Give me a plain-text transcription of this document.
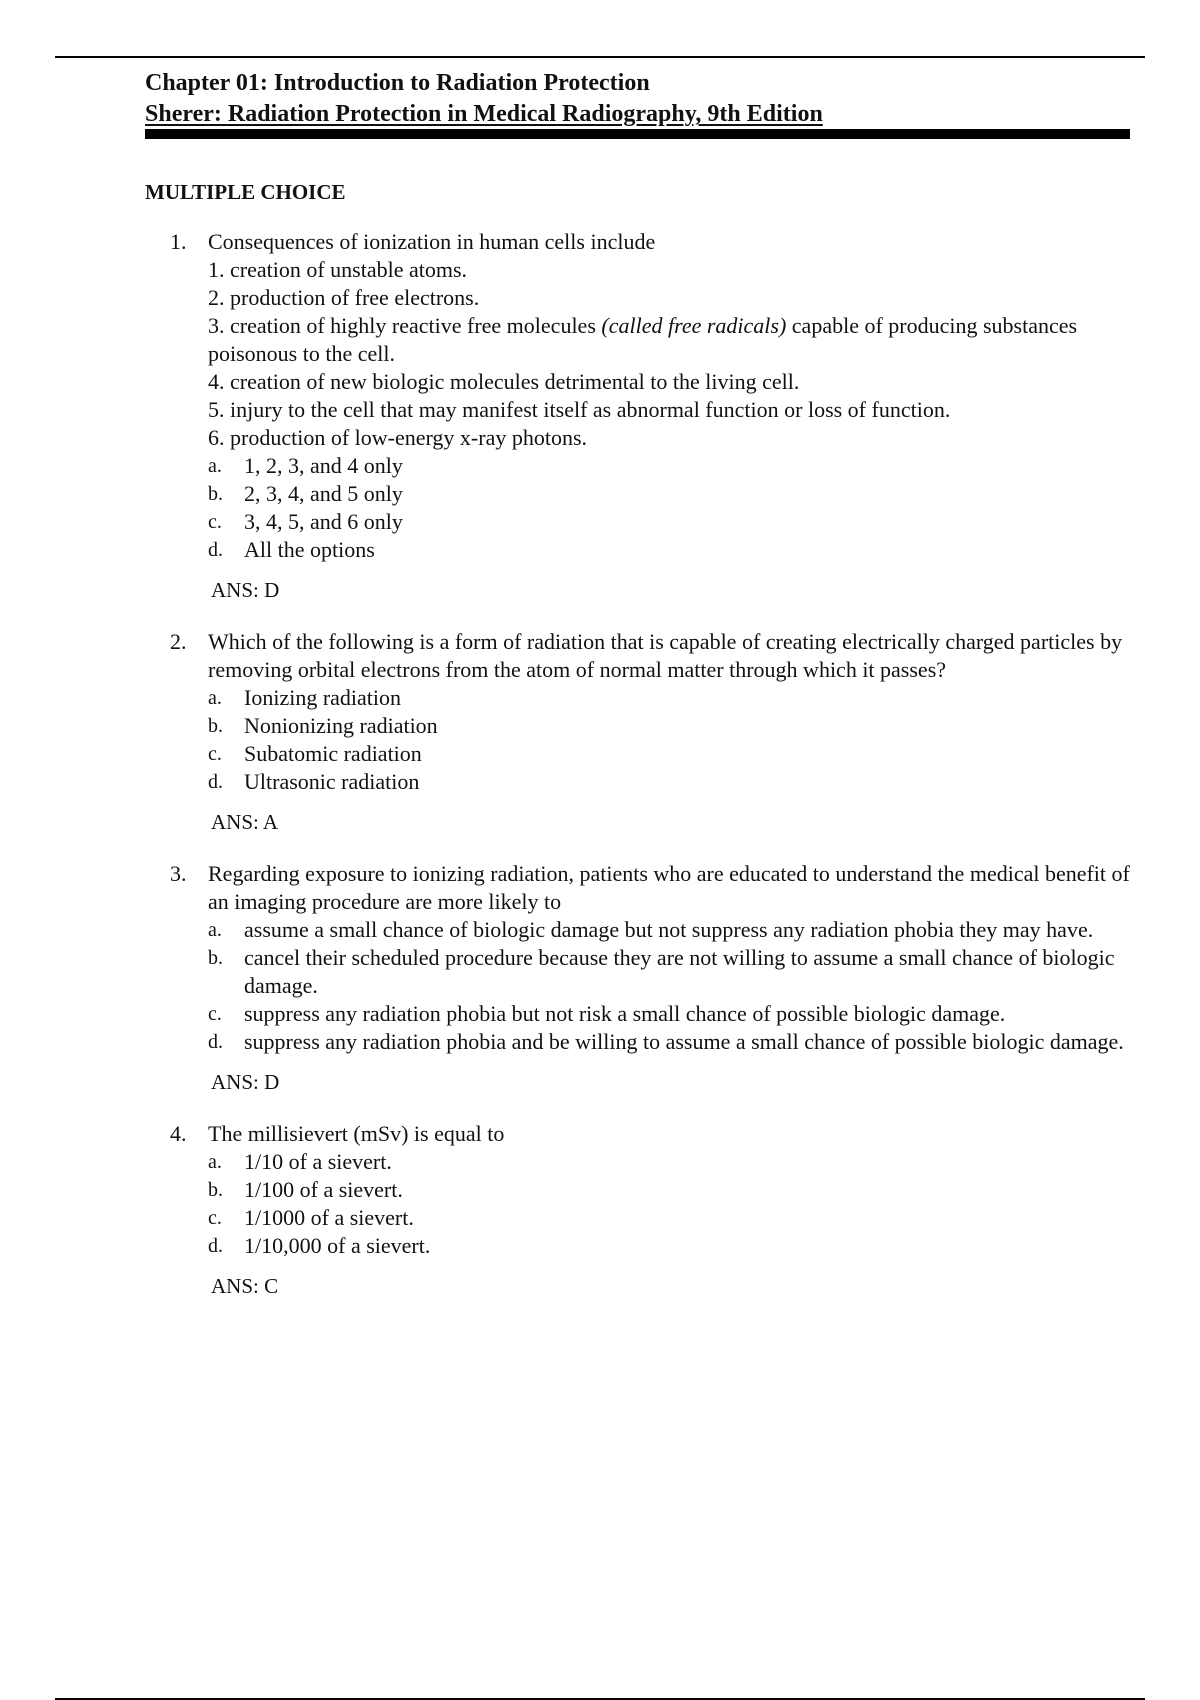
Chapter 01: Introduction to Radiation Protection

Sherer: Radiation Protection in Medical Radiography, 9th Edition

MULTIPLE CHOICE

1. Consequences of ionization in human cells include

1. creation of unstable atoms.

2. production of free electrons.

3. creation of highly reactive free molecules (called free radicals) capable of producing substances poisonous to the cell.

4. creation of new biologic molecules detrimental to the living cell.

5. injury to the cell that may manifest itself as abnormal function or loss of function.

6. production of low-energy x-ray photons.

a.	1, 2, 3, and 4 only
b. 2, 3, 4, and 5 only
c.	3, 4, 5, and 6 only
d. All the options
ANS: D
2. Which of the following is a form of radiation that is capable of creating electrically charged particles by removing orbital electrons from the atom of normal matter through which it passes?
a.	Ionizing radiation
b. Nonionizing radiation
c.	Subatomic radiation
d. Ultrasonic radiation
ANS: A
3. Regarding exposure to ionizing radiation, patients who are educated to understand the medical benefit of an imaging procedure are more likely to
a.	assume a small chance of biologic damage but not suppress any radiation phobia they may have.
b. cancel their scheduled procedure because they are not willing to assume a small chance of biologic damage.
c.	suppress any radiation phobia but not risk a small chance of possible biologic damage.
d. suppress any radiation phobia and be willing to assume a small chance of possible biologic damage.
ANS: D
4. The millisievert (mSv) is equal to
a.	1/10 of a sievert.
b. 1/100 of a sievert.
c.	1/1000 of a sievert.
d. 1/10,000 of a sievert.
ANS: C
